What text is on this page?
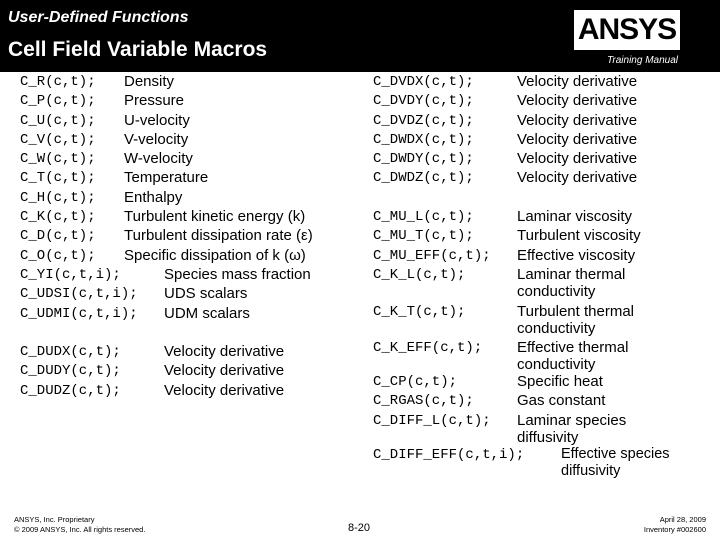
User-Defined Functions
Cell Field Variable Macros
ANSYS
Training Manual
C_R(c,t);	Density
C_P(c,t);	Pressure
C_U(c,t);	U-velocity
C_V(c,t);	V-velocity
C_W(c,t);	W-velocity
C_T(c,t);	Temperature
C_H(c,t);	Enthalpy
C_K(c,t);	Turbulent kinetic energy (k)
C_D(c,t);	Turbulent dissipation rate (ε)
C_O(c,t);	Specific dissipation of k (ω)
C_YI(c,t,i);	Species mass fraction
C_UDSI(c,t,i);	UDS scalars
C_UDMI(c,t,i);	UDM scalars
C_DUDX(c,t);	Velocity derivative
C_DUDY(c,t);	Velocity derivative
C_DUDZ(c,t);	Velocity derivative
C_DVDX(c,t);	Velocity derivative
C_DVDY(c,t);	Velocity derivative
C_DVDZ(c,t);	Velocity derivative
C_DWDX(c,t);	Velocity derivative
C_DWDY(c,t);	Velocity derivative
C_DWDZ(c,t);	Velocity derivative
C_MU_L(c,t);	Laminar viscosity
C_MU_T(c,t);	Turbulent viscosity
C_MU_EFF(c,t);	Effective viscosity
C_K_L(c,t);	Laminar thermal conductivity
C_K_T(c,t);	Turbulent thermal conductivity
C_K_EFF(c,t);	Effective thermal conductivity
C_CP(c,t);	Specific heat
C_RGAS(c,t);	Gas constant
C_DIFF_L(c,t);	Laminar species diffusivity
C_DIFF_EFF(c,t,i);	Effective species diffusivity
ANSYS, Inc. Proprietary
© 2009 ANSYS, Inc. All rights reserved.	8-20
April 28, 2009
Inventory #002600
